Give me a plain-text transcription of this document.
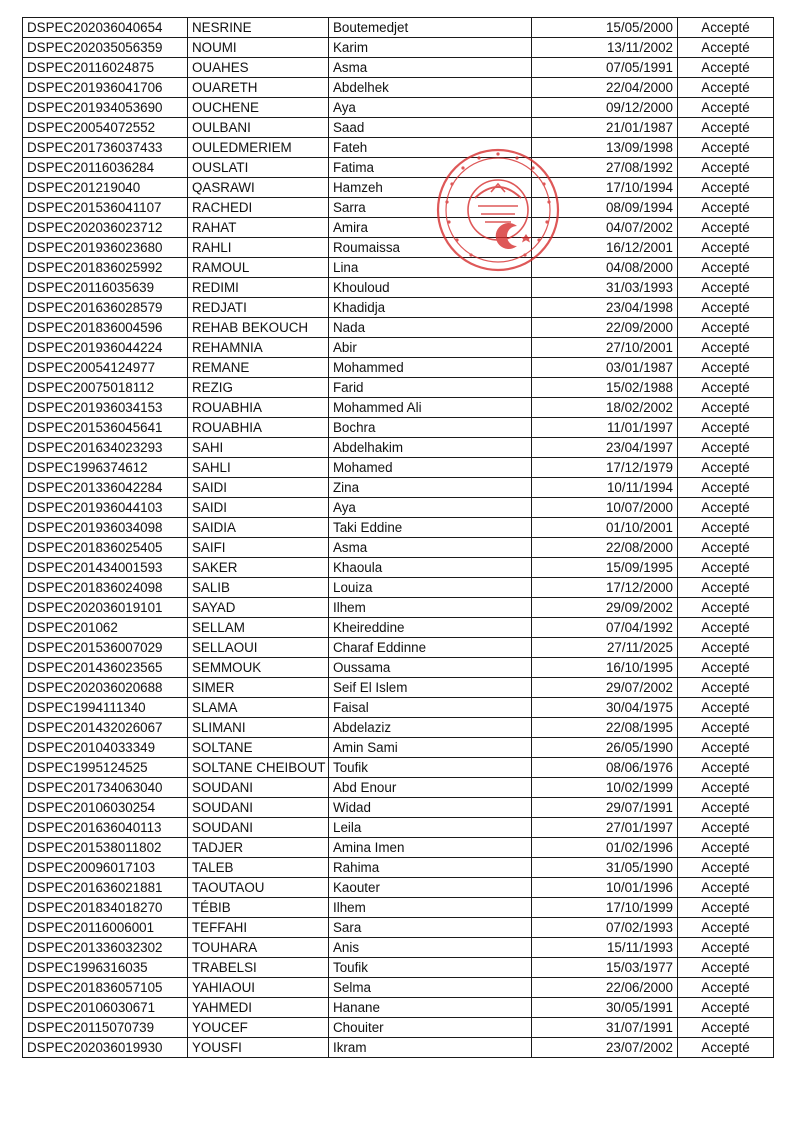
DSPEC202036040654	NESRINE	Boutemedjet	15/05/2000	Accepté
DSPEC202035056359	NOUMI	Karim	13/11/2002	Accepté
DSPEC20116024875	OUAHES	Asma	07/05/1991	Accepté
DSPEC201936041706	OUARETH	Abdelhek	22/04/2000	Accepté
DSPEC201934053690	OUCHENE	Aya	09/12/2000	Accepté
DSPEC20054072552	OULBANI	Saad	21/01/1987	Accepté
DSPEC201736037433	OULEDMERIEM	Fateh	13/09/1998	Accepté
DSPEC20116036284	OUSLATI	Fatima	27/08/1992	Accepté
DSPEC201219040	QASRAWI	Hamzeh	17/10/1994	Accepté
DSPEC201536041107	RACHEDI	Sarra	08/09/1994	Accepté
DSPEC202036023712	RAHAT	Amira	04/07/2002	Accepté
DSPEC201936023680	RAHLI	Roumaissa	16/12/2001	Accepté
DSPEC201836025992	RAMOUL	Lina	04/08/2000	Accepté
DSPEC20116035639	REDIMI	Khouloud	31/03/1993	Accepté
DSPEC201636028579	REDJATI	Khadidja	23/04/1998	Accepté
DSPEC201836004596	REHAB BEKOUCH	Nada	22/09/2000	Accepté
DSPEC201936044224	REHAMNIA	Abir	27/10/2001	Accepté
DSPEC20054124977	REMANE	Mohammed	03/01/1987	Accepté
DSPEC20075018112	REZIG	Farid	15/02/1988	Accepté
DSPEC201936034153	ROUABHIA	Mohammed Ali	18/02/2002	Accepté
DSPEC201536045641	ROUABHIA	Bochra	11/01/1997	Accepté
DSPEC201634023293	SAHI	Abdelhakim	23/04/1997	Accepté
DSPEC1996374612	SAHLI	Mohamed	17/12/1979	Accepté
DSPEC201336042284	SAIDI	Zina	10/11/1994	Accepté
DSPEC201936044103	SAIDI	Aya	10/07/2000	Accepté
DSPEC201936034098	SAIDIA	Taki Eddine	01/10/2001	Accepté
DSPEC201836025405	SAIFI	Asma	22/08/2000	Accepté
DSPEC201434001593	SAKER	Khaoula	15/09/1995	Accepté
DSPEC201836024098	SALIB	Louiza	17/12/2000	Accepté
DSPEC202036019101	SAYAD	Ilhem	29/09/2002	Accepté
DSPEC201062	SELLAM	Kheireddine	07/04/1992	Accepté
DSPEC201536007029	SELLAOUI	Charaf Eddinne	27/11/2025	Accepté
DSPEC201436023565	SEMMOUK	Oussama	16/10/1995	Accepté
DSPEC202036020688	SIMER	Seif El Islem	29/07/2002	Accepté
DSPEC1994111340	SLAMA	Faisal	30/04/1975	Accepté
DSPEC201432026067	SLIMANI	Abdelaziz	22/08/1995	Accepté
DSPEC20104033349	SOLTANE	Amin Sami	26/05/1990	Accepté
DSPEC1995124525	SOLTANE CHEIBOUT	Toufik	08/06/1976	Accepté
DSPEC201734063040	SOUDANI	Abd Enour	10/02/1999	Accepté
DSPEC20106030254	SOUDANI	Widad	29/07/1991	Accepté
DSPEC201636040113	SOUDANI	Leila	27/01/1997	Accepté
DSPEC201538011802	TADJER	Amina Imen	01/02/1996	Accepté
DSPEC20096017103	TALEB	Rahima	31/05/1990	Accepté
DSPEC201636021881	TAOUTAOU	Kaouter	10/01/1996	Accepté
DSPEC201834018270	TÉBIB	Ilhem	17/10/1999	Accepté
DSPEC20116006001	TEFFAHI	Sara	07/02/1993	Accepté
DSPEC201336032302	TOUHARA	Anis	15/11/1993	Accepté
DSPEC1996316035	TRABELSI	Toufik	15/03/1977	Accepté
DSPEC201836057105	YAHIAOUI	Selma	22/06/2000	Accepté
DSPEC20106030671	YAHMEDI	Hanane	30/05/1991	Accepté
DSPEC20115070739	YOUCEF	Chouiter	31/07/1991	Accepté
DSPEC202036019930	YOUSFI	Ikram	23/07/2002	Accepté
